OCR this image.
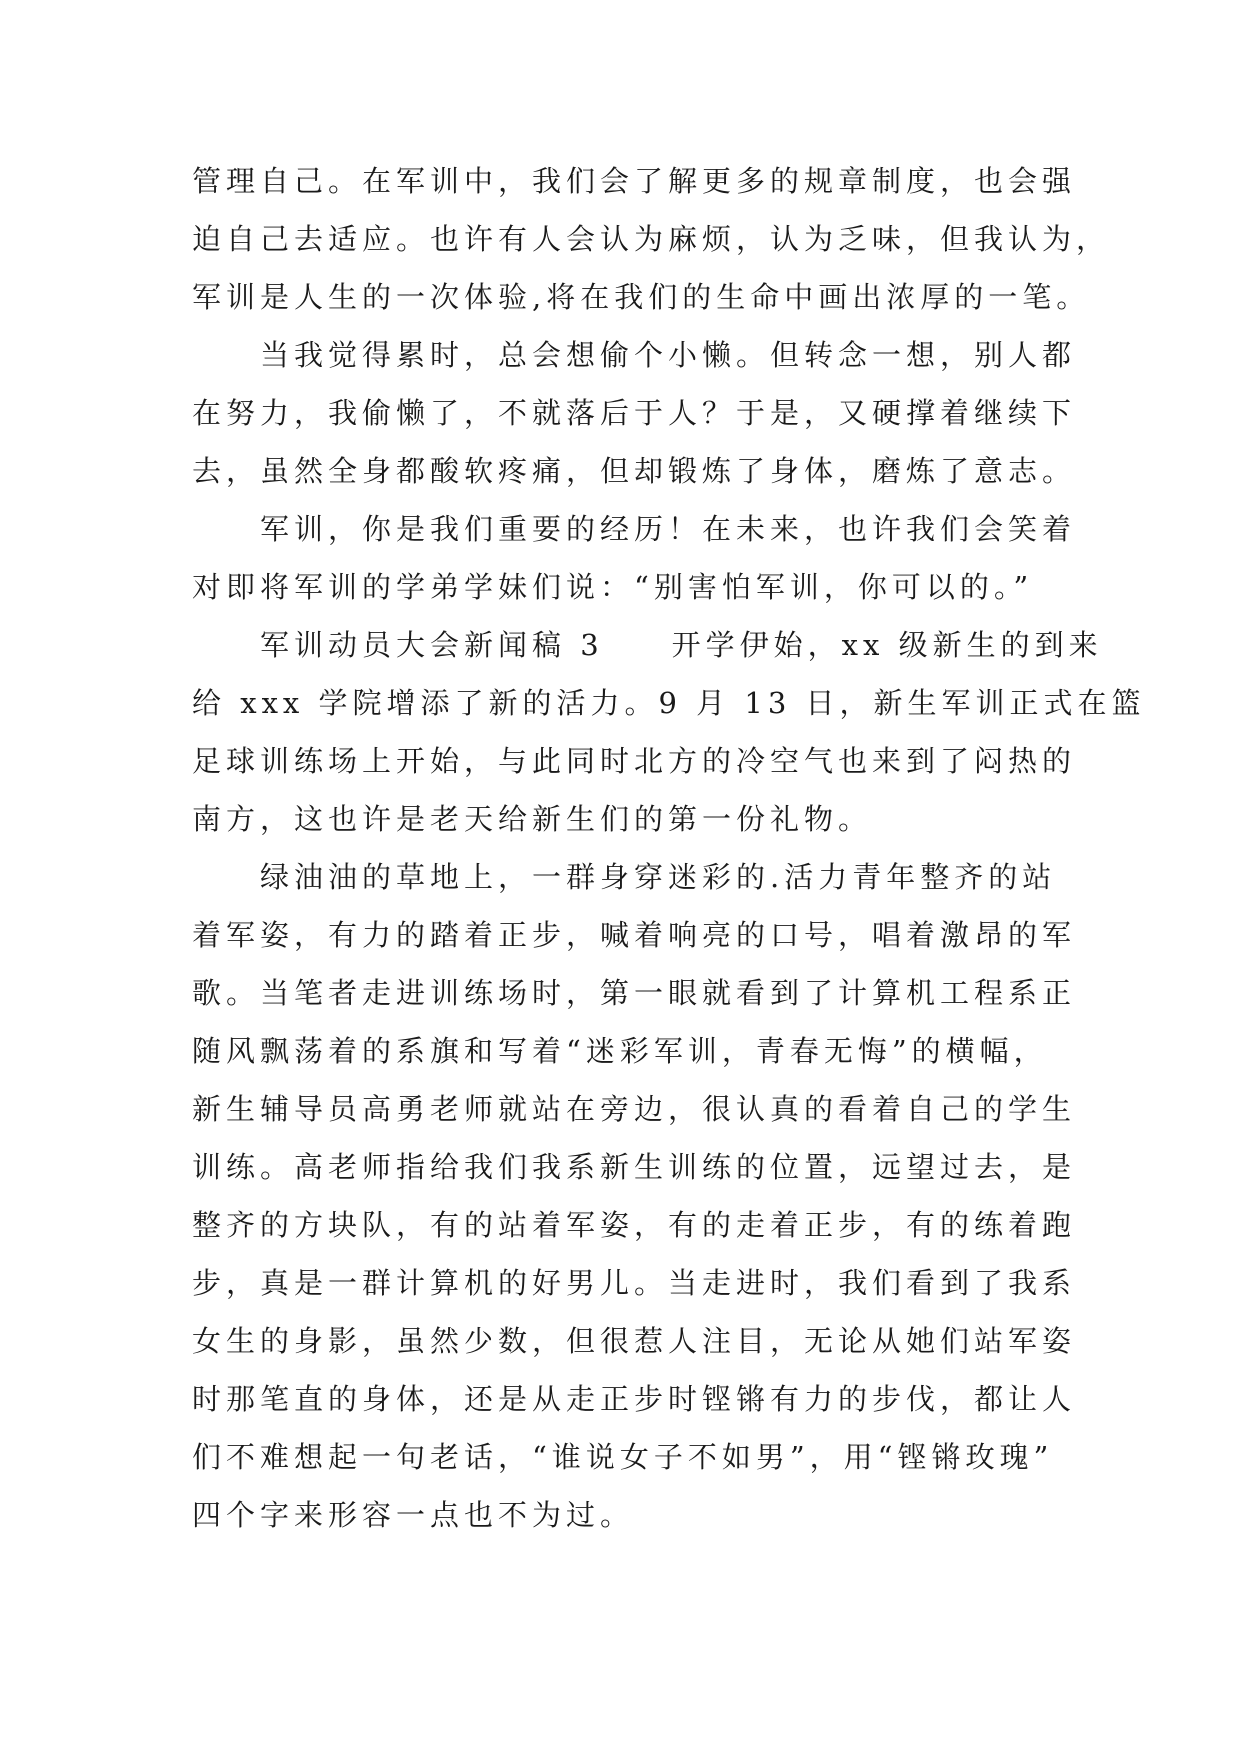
管理自己。在军训中，我们会了解更多的规章制度，也会强
迫自己去适应。也许有人会认为麻烦，认为乏味，但我认为，
军训是人生的一次体验,将在我们的生命中画出浓厚的一笔。
　　当我觉得累时，总会想偷个小懒。但转念一想，别人都
在努力，我偷懒了，不就落后于人？于是，又硬撑着继续下
去，虽然全身都酸软疼痛，但却锻炼了身体，磨炼了意志。
　　军训，你是我们重要的经历！在未来，也许我们会笑着
对即将军训的学弟学妹们说：“别害怕军训，你可以的。”
　　军训动员大会新闻稿 3　　开学伊始，xx 级新生的到来
给 xxx 学院增添了新的活力。9 月 13 日，新生军训正式在篮
足球训练场上开始，与此同时北方的冷空气也来到了闷热的
南方，这也许是老天给新生们的第一份礼物。
　　绿油油的草地上，一群身穿迷彩的.活力青年整齐的站
着军姿，有力的踏着正步，喊着响亮的口号，唱着激昂的军
歌。当笔者走进训练场时，第一眼就看到了计算机工程系正
随风飘荡着的系旗和写着“迷彩军训，青春无悔”的横幅，
新生辅导员高勇老师就站在旁边，很认真的看着自己的学生
训练。高老师指给我们我系新生训练的位置，远望过去，是
整齐的方块队，有的站着军姿，有的走着正步，有的练着跑
步，真是一群计算机的好男儿。当走进时，我们看到了我系
女生的身影，虽然少数，但很惹人注目，无论从她们站军姿
时那笔直的身体，还是从走正步时铿锵有力的步伐，都让人
们不难想起一句老话，“谁说女子不如男”，用“铿锵玫瑰”
四个字来形容一点也不为过。
